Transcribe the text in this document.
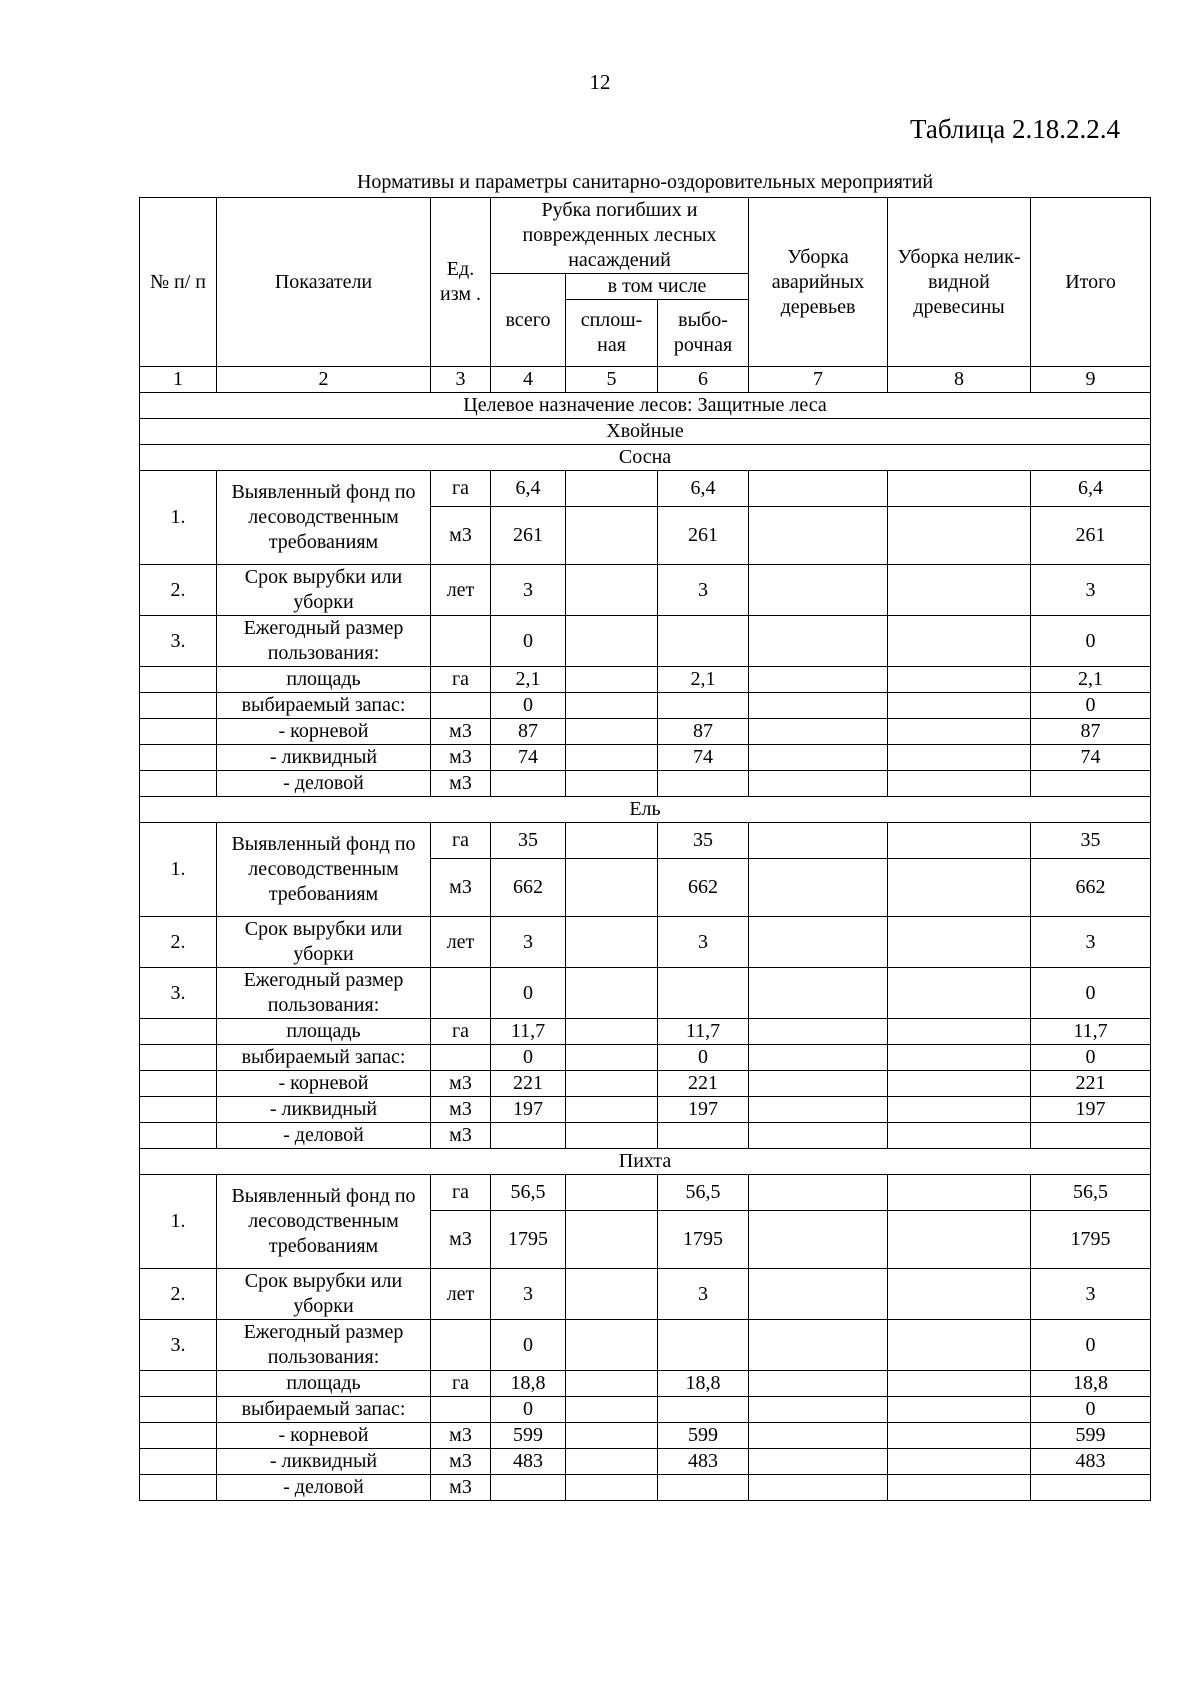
12
Таблица 2.18.2.2.4
Нормативы и параметры санитарно-оздоровительных мероприятий
№ п/ п	Показатели	Ед. изм .	Рубка погибших и поврежденных лесных насаждений			Уборка аварийных деревьев	Уборка нелик- видной древесины	Итого
			всего	в том числе				
				сплош- ная	выбо- рочная			
1	2	3	4	5	6	7	8	9
Целевое назначение лесов: Защитные леса								
Хвойные								
Сосна								
1.	Выявленный фонд по лесоводственным требованиям	га	6,4		6,4			6,4
		м3	261		261			261
2.	Срок вырубки или уборки	лет	3		3			3
3.	Ежегодный размер пользования:		0					0
	площадь	га	2,1		2,1			2,1
	выбираемый запас:		0					0
	- корневой	м3	87		87			87
	- ликвидный	м3	74		74			74
	- деловой	м3						
Ель								
1.	Выявленный фонд по лесоводственным требованиям	га	35		35			35
		м3	662		662			662
2.	Срок вырубки или уборки	лет	3		3			3
3.	Ежегодный размер пользования:		0					0
	площадь	га	11,7		11,7			11,7
	выбираемый запас:		0		0			0
	- корневой	м3	221		221			221
	- ликвидный	м3	197		197			197
	- деловой	м3						
Пихта								
1.	Выявленный фонд по лесоводственным требованиям	га	56,5		56,5			56,5
		м3	1795		1795			1795
2.	Срок вырубки или уборки	лет	3		3			3
3.	Ежегодный размер пользования:		0					0
	площадь	га	18,8		18,8			18,8
	выбираемый запас:		0					0
	- корневой	м3	599		599			599
	- ликвидный	м3	483		483			483
	- деловой	м3						
